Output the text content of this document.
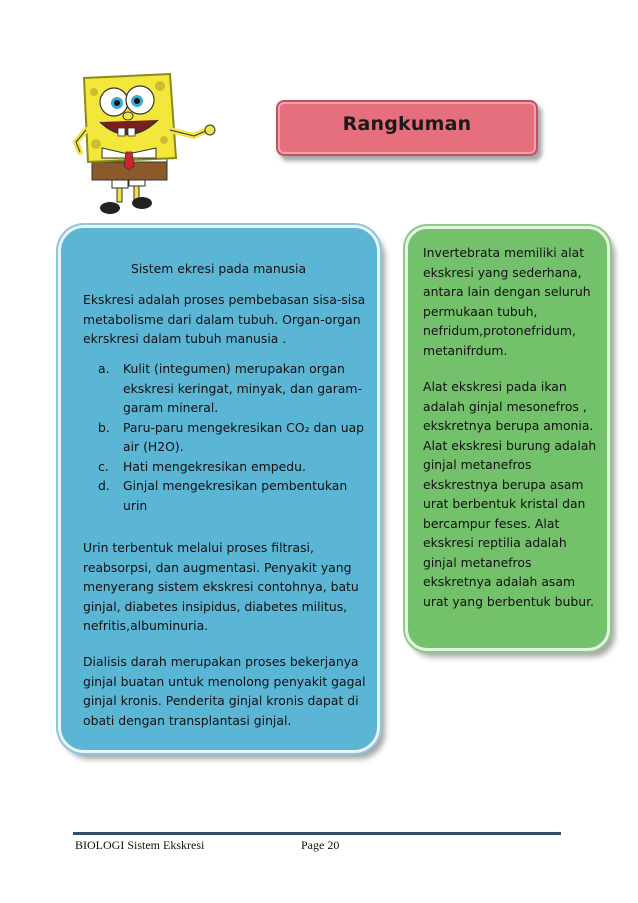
Rangkuman

Sistem ekresi pada manusia

Ekskresi adalah proses pembebasan sisa-sisa metabolisme dari dalam tubuh. Organ-organ ekrskresi dalam tubuh manusia .

a. Kulit (integumen) merupakan organ ekskresi keringat, minyak, dan garam-garam mineral.
b. Paru-paru mengekresikan CO₂ dan uap air (H2O).
c. Hati mengekresikan empedu.
d. Ginjal mengekresikan pembentukan urin

Urin terbentuk melalui proses filtrasi, reabsorpsi, dan augmentasi. Penyakit yang menyerang sistem ekskresi contohnya, batu ginjal, diabetes insipidus, diabetes militus, nefritis,albuminuria.

Dialisis darah merupakan proses bekerjanya ginjal buatan untuk menolong penyakit gagal ginjal kronis. Penderita ginjal kronis dapat di obati dengan transplantasi ginjal.

Invertebrata memiliki alat ekskresi yang sederhana, antara lain dengan seluruh permukaan tubuh, nefridum,protonefridum, metanifrdum.

Alat ekskresi pada ikan adalah ginjal mesonefros , ekskretnya berupa amonia. Alat ekskresi burung adalah ginjal metanefros ekskrestnya berupa asam urat berbentuk kristal dan bercampur feses. Alat ekskresi reptilia adalah ginjal metanefros ekskretnya adalah asam urat yang berbentuk bubur.

BIOLOGI Sistem Ekskresi	Page 20
